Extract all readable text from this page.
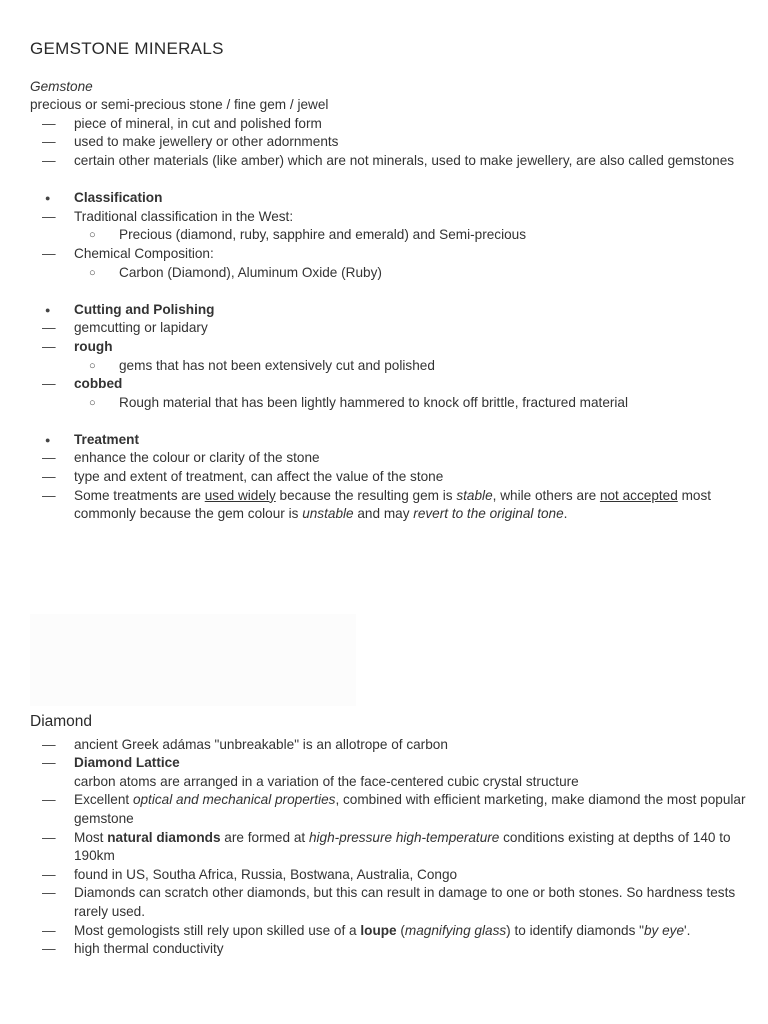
GEMSTONE MINERALS

Gemstone

precious or semi-precious stone / fine gem / jewel

— piece of mineral, in cut and polished form
— used to make jewellery or other adornments
— certain other materials (like amber) which are not minerals, used to make jewellery, are also called gemstones
● Classification
— Traditional classification in the West:
○ Precious (diamond, ruby, sapphire and emerald) and Semi-precious
— Chemical Composition:
○ Carbon (Diamond), Aluminum Oxide (Ruby)
● Cutting and Polishing
— gemcutting or lapidary
— rough
○ gems that has not been extensively cut and polished
— cobbed
○ Rough material that has been lightly hammered to knock off brittle, fractured material
● Treatment
— enhance the colour or clarity of the stone
— type and extent of treatment, can affect the value of the stone
— Some treatments are used widely because the resulting gem is stable, while others are not accepted most commonly because the gem colour is unstable and may revert to the original tone.
Diamond
— ancient Greek adámas "unbreakable" is an allotrope of carbon
— Diamond Lattice
carbon atoms are arranged in a variation of the face-centered cubic crystal structure
— Excellent optical and mechanical properties, combined with efficient marketing, make diamond the most popular gemstone
— Most natural diamonds are formed at high-pressure high-temperature conditions existing at depths of 140 to 190km
— found in US, Southa Africa, Russia, Bostwana, Australia, Congo
— Diamonds can scratch other diamonds, but this can result in damage to one or both stones. So hardness tests rarely used.
— Most gemologists still rely upon skilled use of a loupe (magnifying glass) to identify diamonds "by eye'.
— high thermal conductivity
